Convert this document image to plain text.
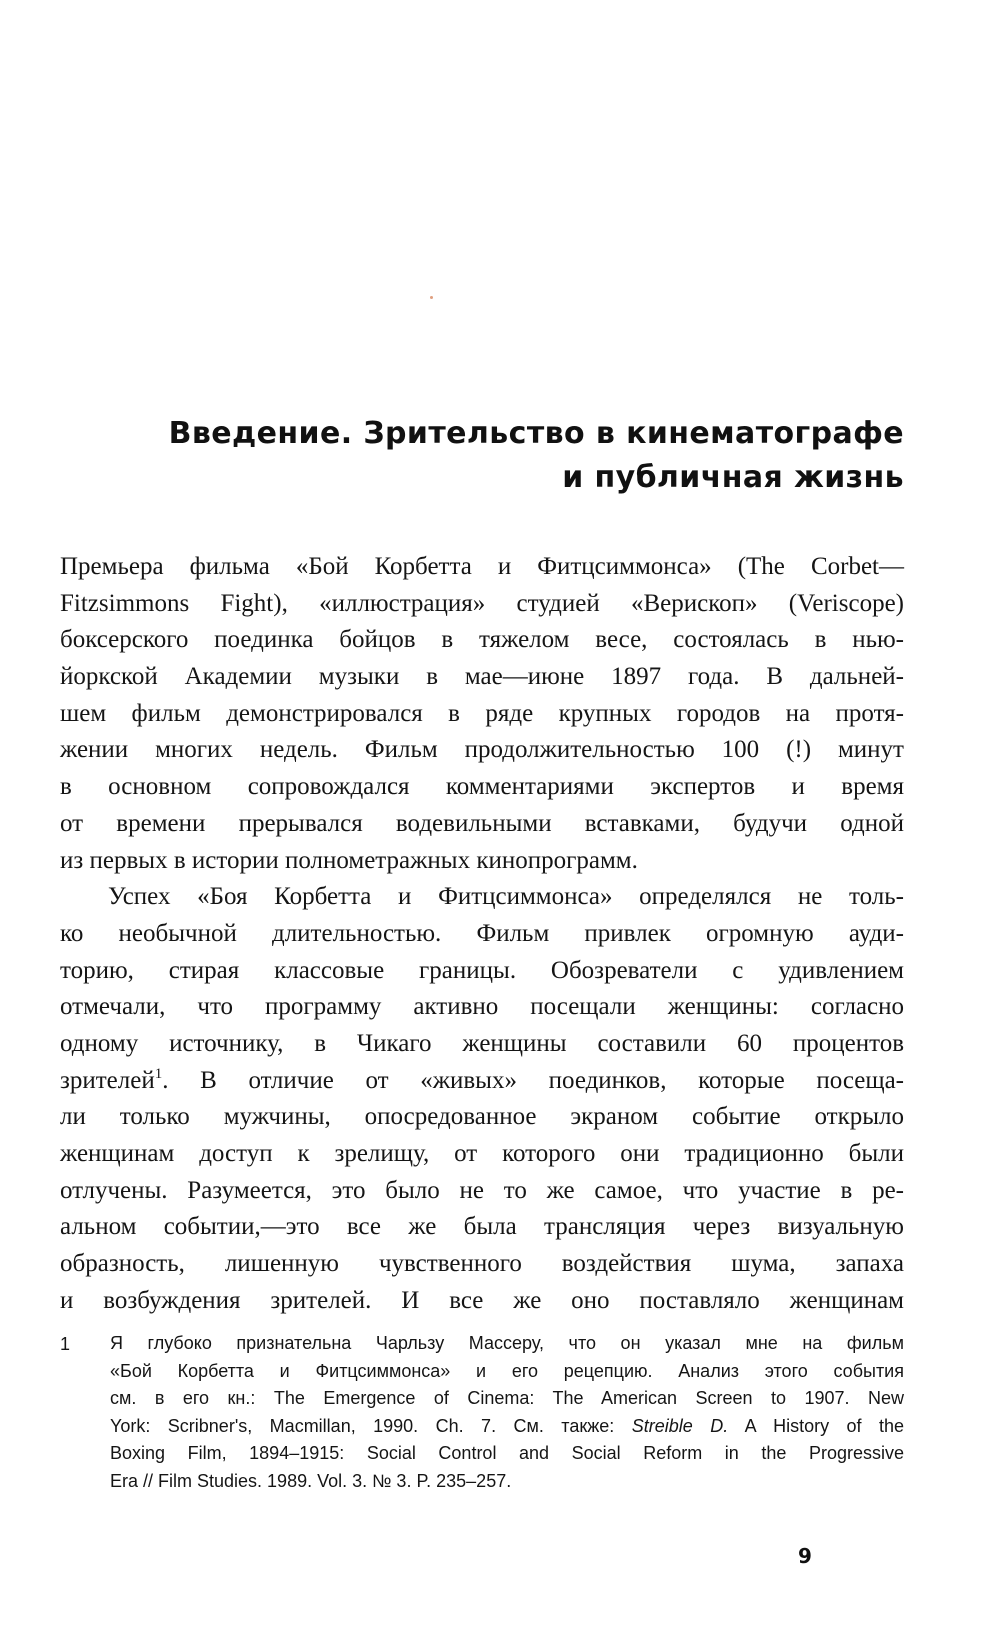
Введение. Зрительство в кинематографе
и публичная жизнь
Премьера фильма «Бой Корбетта и Фитцсиммонса» (The Corbet—
Fitzsimmons Fight), «иллюстрация» студией «Верископ» (Veriscope)
боксерского поединка бойцов в тяжелом весе, состоялась в нью-
йоркской Академии музыки в мае—июне 1897 года. В дальней-
шем фильм демонстрировался в ряде крупных городов на протя-
жении многих недель. Фильм продолжительностью 100 (!) минут
в основном сопровождался комментариями экспертов и время
от времени прерывался водевильными вставками, будучи одной
из первых в истории полнометражных кинопрограмм.
Успех «Боя Корбетта и Фитцсиммонса» определялся не толь-
ко необычной длительностью. Фильм привлек огромную ауди-
торию, стирая классовые границы. Обозреватели с удивлением
отмечали, что программу активно посещали женщины: согласно
одному источнику, в Чикаго женщины составили 60 процентов
зрителей$^1$. В отличие от «живых» поединков, которые посеща-
ли только мужчины, опосредованное экраном событие открыло
женщинам доступ к зрелищу, от которого они традиционно были
отлучены. Разумеется, это было не то же самое, что участие в ре-
альном событии,—это все же была трансляция через визуальную
образность, лишенную чувственного воздействия шума, запаха
и возбуждения зрителей. И все же оно поставляло женщинам
1 Я глубоко признательна Чарльзу Массеру, что он указал мне на фильм
«Бой Корбетта и Фитцсиммонса» и его рецепцию. Анализ этого события
см. в его кн.: The Emergence of Cinema: The American Screen to 1907. New
York: Scribner's, Macmillan, 1990. Ch. 7. См. также: Streible D. A History of the
Boxing Film, 1894–1915: Social Control and Social Reform in the Progressive
Era // Film Studies. 1989. Vol. 3. № 3. P. 235–257.
9
